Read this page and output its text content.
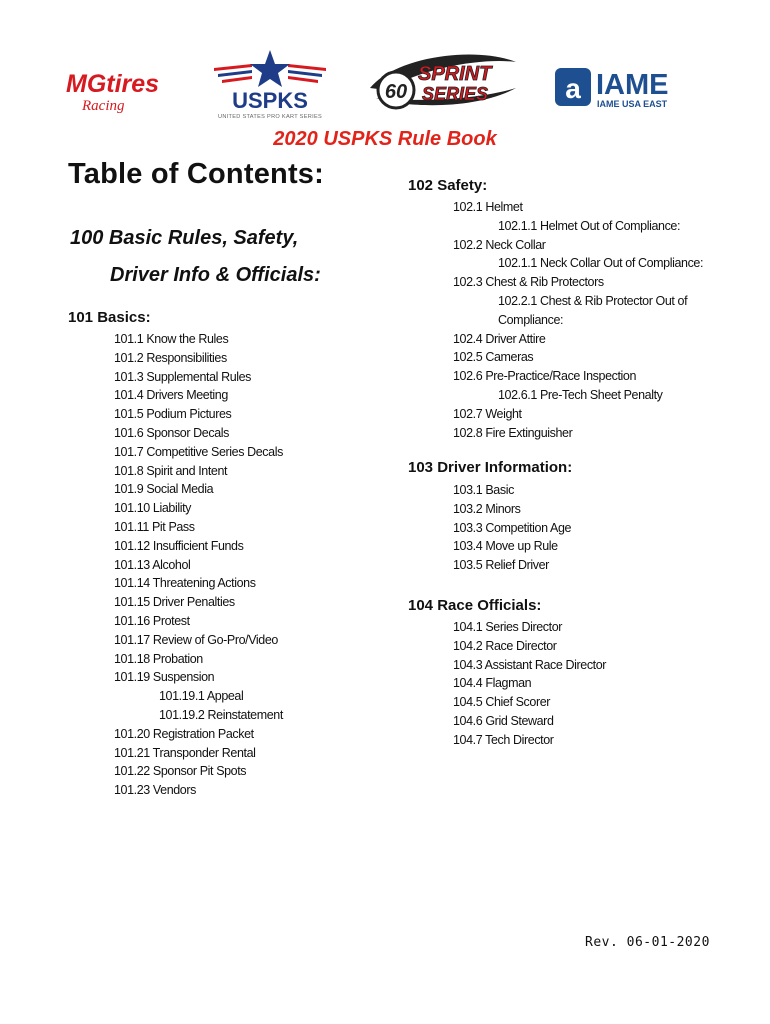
MGtires
Racing	USPKS
UNITED STATES PRO KART SERIES
60
SPRINT
SERIES	a IAME
IAME USA EAST
2020 USPKS Rule Book
Table of Contents:
100 Basic Rules, Safety,
Driver Info & Officials:
101 Basics:
101.1 Know the Rules
101.2 Responsibilities
101.3 Supplemental Rules
101.4 Drivers Meeting
101.5 Podium Pictures
101.6 Sponsor Decals
101.7 Competitive Series Decals
101.8 Spirit and Intent
101.9 Social Media
101.10 Liability
101.11 Pit Pass
101.12 Insufficient Funds
101.13 Alcohol
101.14 Threatening Actions
101.15 Driver Penalties
101.16 Protest
101.17 Review of Go-Pro/Video
101.18 Probation
101.19 Suspension
101.19.1 Appeal
101.19.2 Reinstatement
101.20 Registration Packet
101.21 Transponder Rental
101.22 Sponsor Pit Spots
101.23 Vendors
102 Safety:
102.1 Helmet
102.1.1 Helmet Out of Compliance:
102.2 Neck Collar
102.1.1 Neck Collar Out of Compliance:
102.3 Chest & Rib Protectors
102.2.1 Chest & Rib Protector Out of Compliance:
102.4 Driver Attire
102.5 Cameras
102.6 Pre-Practice/Race Inspection
102.6.1 Pre-Tech Sheet Penalty
102.7 Weight
102.8 Fire Extinguisher
103 Driver Information:
103.1 Basic
103.2 Minors
103.3 Competition Age
103.4 Move up Rule
103.5 Relief Driver
104 Race Officials:
104.1 Series Director
104.2 Race Director
104.3 Assistant Race Director
104.4 Flagman
104.5 Chief Scorer
104.6 Grid Steward
104.7 Tech Director
Rev. 06-01-2020
